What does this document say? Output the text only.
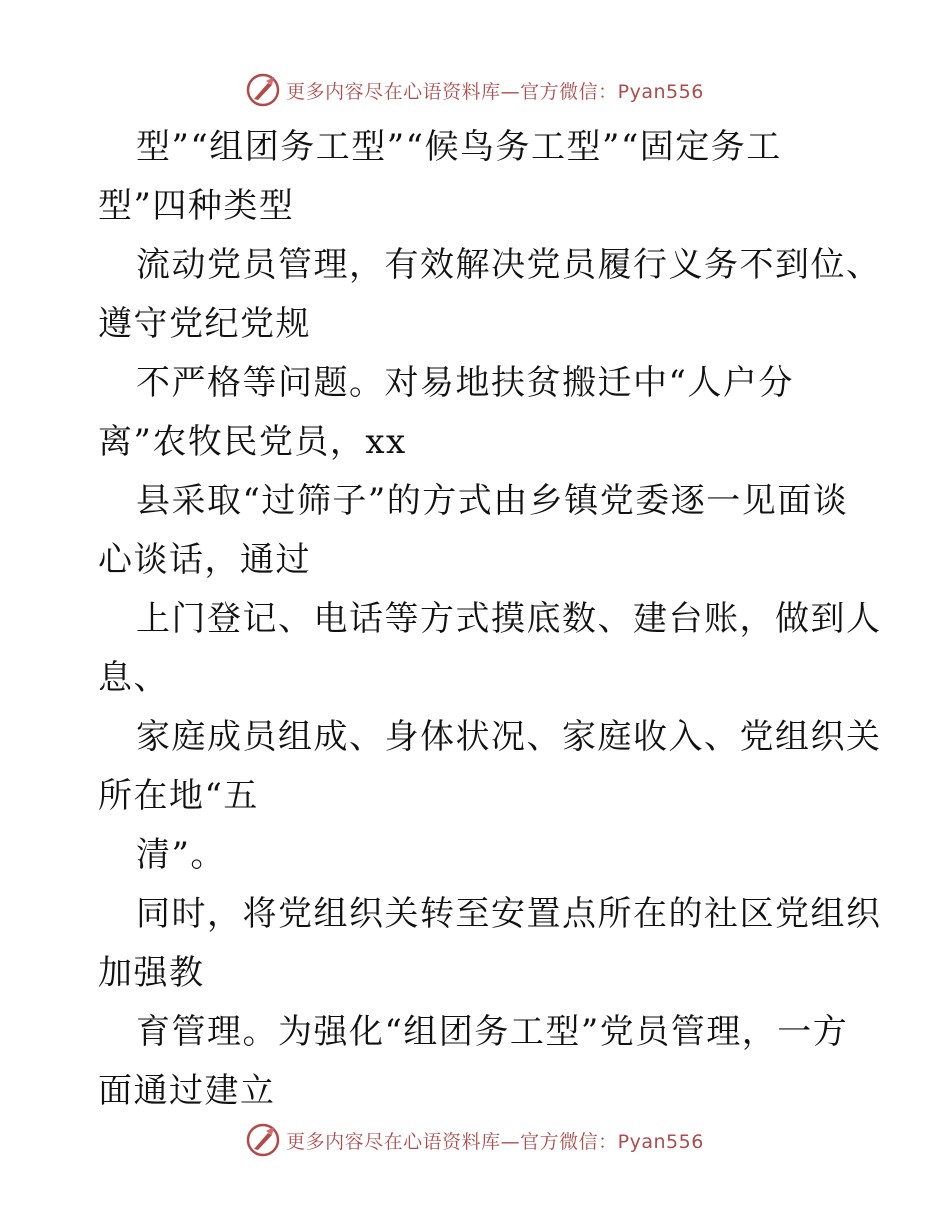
更多内容尽在心语资料库—官方微信：Pyan556
型”“组团务工型”“候鸟务工型”“固定务工
型”四种类型
流动党员管理，有效解决党员履行义务不到位、
遵守党纪党规
不严格等问题。对易地扶贫搬迁中“人户分
离”农牧民党员，xx
县采取“过筛子”的方式由乡镇党委逐一见面谈
心谈话，通过
上门登记、电话等方式摸底数、建台账，做到人
息、
家庭成员组成、身体状况、家庭收入、党组织关
所在地“五
清”。
同时，将党组织关转至安置点所在的社区党组织
加强教
育管理。为强化“组团务工型”党员管理，一方
面通过建立
更多内容尽在心语资料库—官方微信：Pyan556
